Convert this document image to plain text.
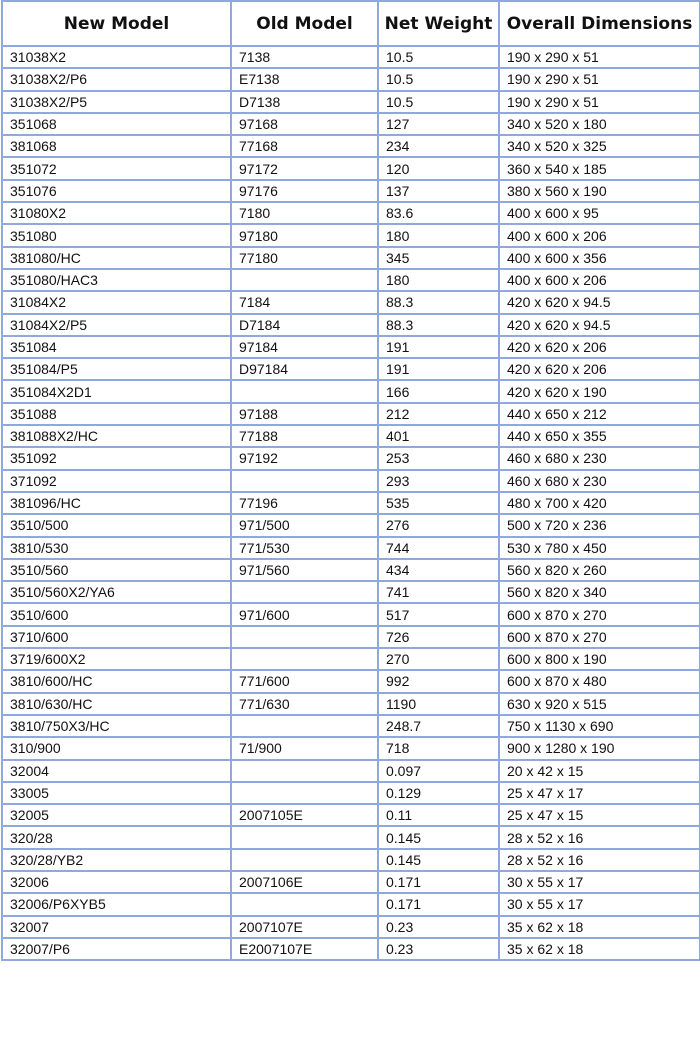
New Model	Old Model	Net Weight	Overall Dimensions
31038X2	7138	10.5	190 x 290 x 51
31038X2/P6	E7138	10.5	190 x 290 x 51
31038X2/P5	D7138	10.5	190 x 290 x 51
351068	97168	127	340 x 520 x 180
381068	77168	234	340 x 520 x 325
351072	97172	120	360 x 540 x 185
351076	97176	137	380 x 560 x 190
31080X2	7180	83.6	400 x 600 x 95
351080	97180	180	400 x 600 x 206
381080/HC	77180	345	400 x 600 x 356
351080/HAC3		180	400 x 600 x 206
31084X2	7184	88.3	420 x 620 x 94.5
31084X2/P5	D7184	88.3	420 x 620 x 94.5
351084	97184	191	420 x 620 x 206
351084/P5	D97184	191	420 x 620 x 206
351084X2D1		166	420 x 620 x 190
351088	97188	212	440 x 650 x 212
381088X2/HC	77188	401	440 x 650 x 355
351092	97192	253	460 x 680 x 230
371092		293	460 x 680 x 230
381096/HC	77196	535	480 x 700 x 420
3510/500	971/500	276	500 x 720 x 236
3810/530	771/530	744	530 x 780 x 450
3510/560	971/560	434	560 x 820 x 260
3510/560X2/YA6		741	560 x 820 x 340
3510/600	971/600	517	600 x 870 x 270
3710/600		726	600 x 870 x 270
3719/600X2		270	600 x 800 x 190
3810/600/HC	771/600	992	600 x 870 x 480
3810/630/HC	771/630	1190	630 x 920 x 515
3810/750X3/HC		248.7	750 x 1130 x 690
310/900	71/900	718	900 x 1280 x 190
32004		0.097	20 x 42 x 15
33005		0.129	25 x 47 x 17
32005	2007105E	0.11	25 x 47 x 15
320/28		0.145	28 x 52 x 16
320/28/YB2		0.145	28 x 52 x 16
32006	2007106E	0.171	30 x 55 x 17
32006/P6XYB5		0.171	30 x 55 x 17
32007	2007107E	0.23	35 x 62 x 18
32007/P6	E2007107E	0.23	35 x 62 x 18
